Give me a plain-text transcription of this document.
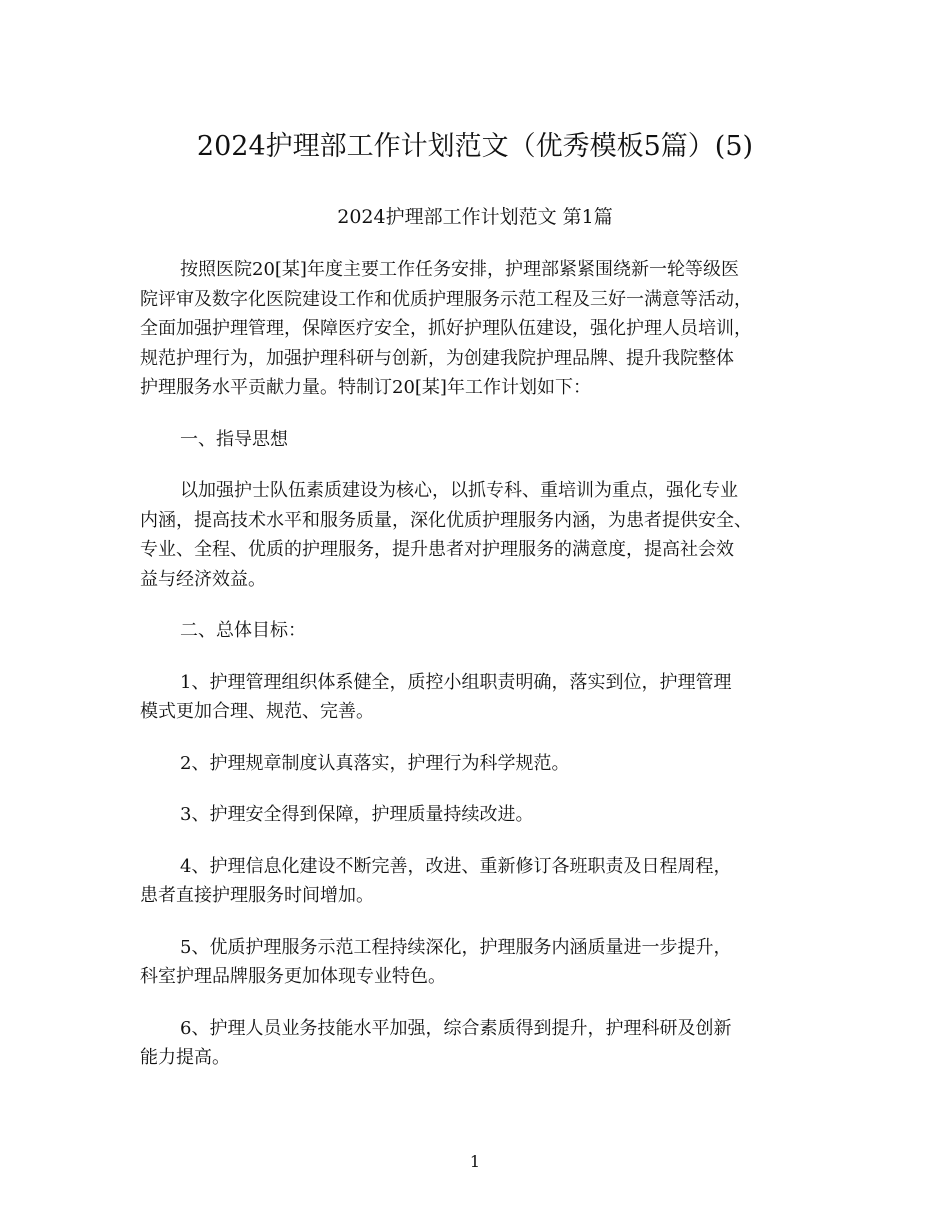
2024护理部工作计划范文（优秀模板5篇）(5)
2024护理部工作计划范文 第1篇
按照医院20[某]年度主要工作任务安排，护理部紧紧围绕新一轮等级医
院评审及数字化医院建设工作和优质护理服务示范工程及三好一满意等活动，
全面加强护理管理，保障医疗安全，抓好护理队伍建设，强化护理人员培训，
规范护理行为，加强护理科研与创新，为创建我院护理品牌、提升我院整体
护理服务水平贡献力量。特制订20[某]年工作计划如下：
一、指导思想
以加强护士队伍素质建设为核心，以抓专科、重培训为重点，强化专业
内涵，提高技术水平和服务质量，深化优质护理服务内涵，为患者提供安全、
专业、全程、优质的护理服务，提升患者对护理服务的满意度，提高社会效
益与经济效益。
二、总体目标：
1、护理管理组织体系健全，质控小组职责明确，落实到位，护理管理
模式更加合理、规范、完善。
2、护理规章制度认真落实，护理行为科学规范。
3、护理安全得到保障，护理质量持续改进。
4、护理信息化建设不断完善，改进、重新修订各班职责及日程周程，
患者直接护理服务时间增加。
5、优质护理服务示范工程持续深化，护理服务内涵质量进一步提升，
科室护理品牌服务更加体现专业特色。
6、护理人员业务技能水平加强，综合素质得到提升，护理科研及创新
能力提高。
1
